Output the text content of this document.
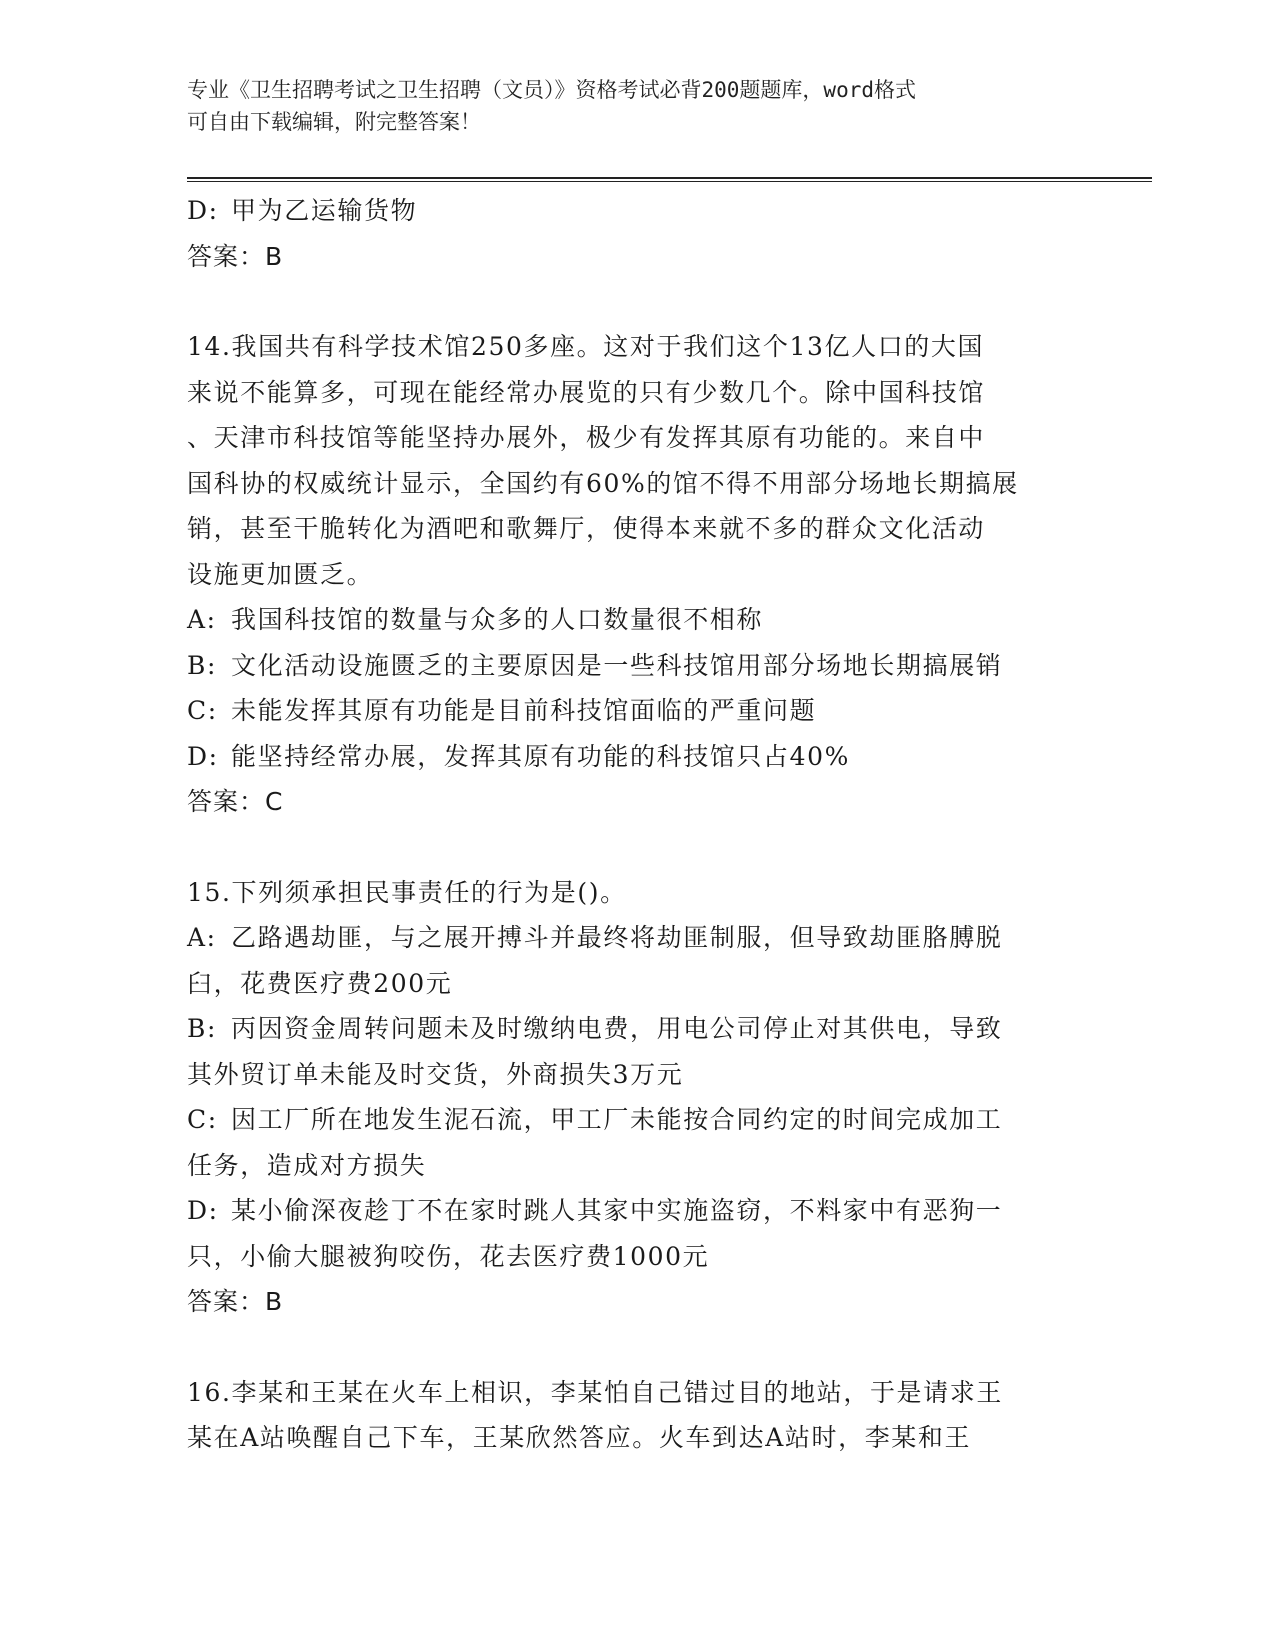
专业《卫生招聘考试之卫生招聘（文员）》资格考试必背200题题库，word格式
可自由下载编辑，附完整答案！
D: 甲为乙运输货物
答案：B
14.我国共有科学技术馆250多座。这对于我们这个13亿人口的大国
来说不能算多，可现在能经常办展览的只有少数几个。除中国科技馆
、天津市科技馆等能坚持办展外，极少有发挥其原有功能的。来自中
国科协的权威统计显示，全国约有60%的馆不得不用部分场地长期搞展
销，甚至干脆转化为酒吧和歌舞厅，使得本来就不多的群众文化活动
设施更加匮乏。
A: 我国科技馆的数量与众多的人口数量很不相称
B: 文化活动设施匮乏的主要原因是一些科技馆用部分场地长期搞展销
C: 未能发挥其原有功能是目前科技馆面临的严重问题
D: 能坚持经常办展，发挥其原有功能的科技馆只占40%
答案：C
15.下列须承担民事责任的行为是()。
A: 乙路遇劫匪，与之展开搏斗并最终将劫匪制服，但导致劫匪胳膊脱
臼，花费医疗费200元
B: 丙因资金周转问题未及时缴纳电费，用电公司停止对其供电，导致
其外贸订单未能及时交货，外商损失3万元
C: 因工厂所在地发生泥石流，甲工厂未能按合同约定的时间完成加工
任务，造成对方损失
D: 某小偷深夜趁丁不在家时跳人其家中实施盗窃，不料家中有恶狗一
只，小偷大腿被狗咬伤，花去医疗费1000元
答案：B
16.李某和王某在火车上相识，李某怕自己错过目的地站，于是请求王
某在A站唤醒自己下车，王某欣然答应。火车到达A站时，李某和王
